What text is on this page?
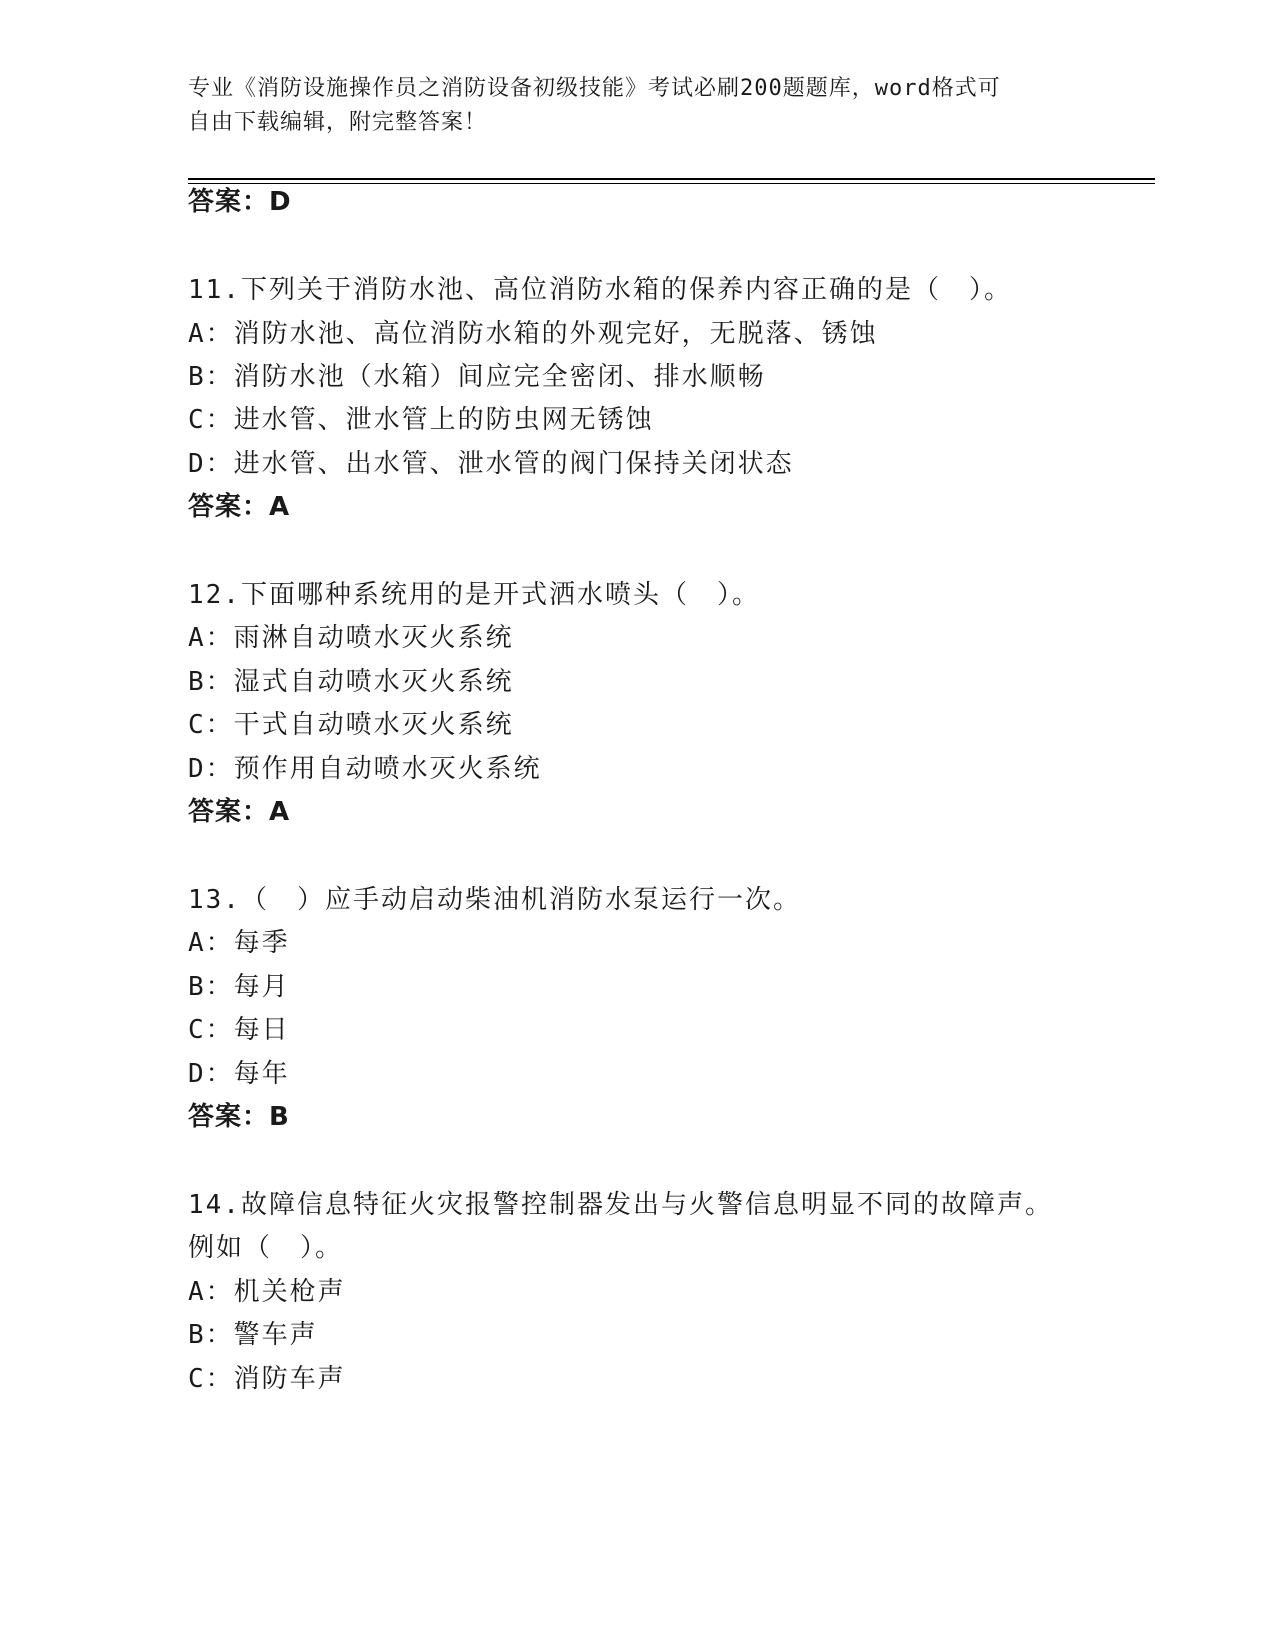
专业《消防设施操作员之消防设备初级技能》考试必刷200题题库，word格式可
自由下载编辑，附完整答案！
答案：D
11.下列关于消防水池、高位消防水箱的保养内容正确的是（　）。
A：消防水池、高位消防水箱的外观完好，无脱落、锈蚀
B：消防水池（水箱）间应完全密闭、排水顺畅
C：进水管、泄水管上的防虫网无锈蚀
D：进水管、出水管、泄水管的阀门保持关闭状态
答案：A
12.下面哪种系统用的是开式洒水喷头（　）。
A：雨淋自动喷水灭火系统
B：湿式自动喷水灭火系统
C：干式自动喷水灭火系统
D：预作用自动喷水灭火系统
答案：A
13.（　）应手动启动柴油机消防水泵运行一次。
A：每季
B：每月
C：每日
D：每年
答案：B
14.故障信息特征火灾报警控制器发出与火警信息明显不同的故障声。
例如（　）。
A：机关枪声
B：警车声
C：消防车声
